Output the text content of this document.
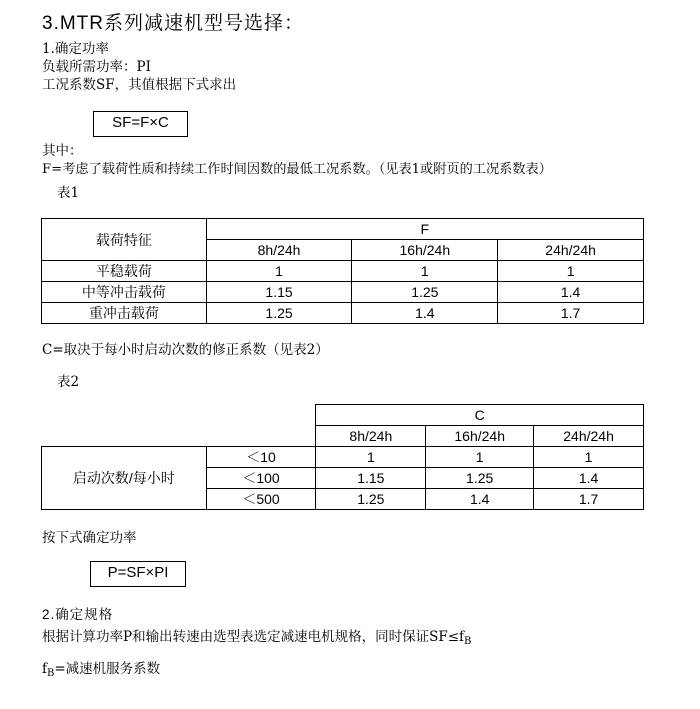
3.MTR系列减速机型号选择：
1.确定功率
负载所需功率：PI
工况系数SF，其值根据下式求出
SF=F×C
其中：
F=考虑了载荷性质和持续工作时间因数的最低工况系数。（见表1或附页的工况系数表）
表1
载荷特征	F		
	8h/24h	16h/24h	24h/24h
平稳载荷	1	1	1
中等冲击载荷	1.15	1.25	1.4
重冲击载荷	1.25	1.4	1.7
C=取决于每小时启动次数的修正系数（见表2）
表2
		C		
		8h/24h	16h/24h	24h/24h
启动次数/每小时	＜10	1	1	1
	＜100	1.15	1.25	1.4
	＜500	1.25	1.4	1.7
按下式确定功率
P=SF×PI
2.确定规格
根据计算功率P和输出转速由选型表选定减速电机规格，同时保证$SF\le f_B$
$f_B=$减速机服务系数
